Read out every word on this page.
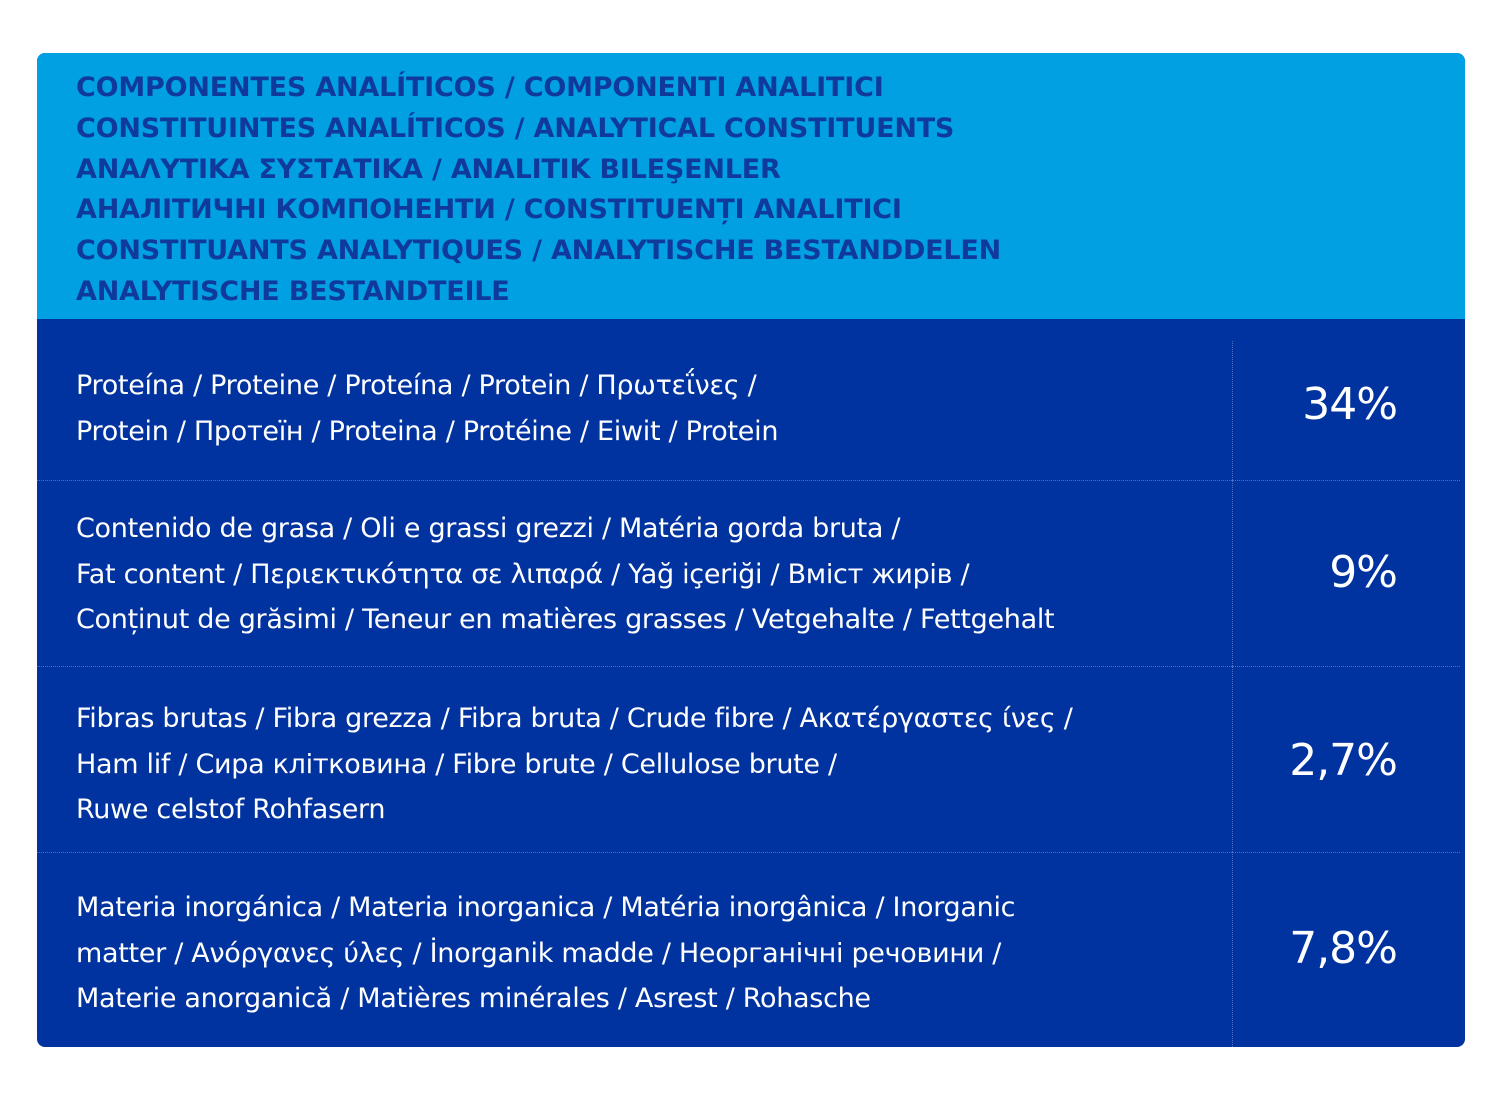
COMPONENTES ANALÍTICOS / COMPONENTI ANALITICI
CONSTITUINTES ANALÍTICOS / ANALYTICAL CONSTITUENTS
ΑΝΑΛΥΤΙΚΑ ΣΥΣΤΑΤΙΚΑ / ANALITIK BILEŞENLER
АНАЛІТИЧНІ КОМПОНЕНТИ / CONSTITUENȚI ANALITICI
CONSTITUANTS ANALYTIQUES / ANALYTISCHE BESTANDDELEN
ANALYTISCHE BESTANDTEILE
Proteína / Proteine / Proteína / Protein / Πρωτεΐνες /
Protein / Протеїн / Proteina / Protéine / Eiwit / Protein
34%
Contenido de grasa / Oli e grassi grezzi / Matéria gorda bruta /
Fat content / Περιεκτικότητα σε λιπαρά / Yağ içeriği / Вміст жирів /
Conținut de grăsimi / Teneur en matières grasses / Vetgehalte / Fettgehalt
9%
Fibras brutas / Fibra grezza / Fibra bruta / Crude fibre / Ακατέργαστες ίνες /
Ham lif / Сира клітковина / Fibre brute / Cellulose brute /
Ruwe celstof Rohfasern
2,7%
Materia inorgánica / Materia inorganica / Matéria inorgânica / Inorganic
matter / Ανόργανες ύλες / İnorganik madde / Неорганічні речовини /
Materie anorganică / Matières minérales / Asrest / Rohasche
7,8%
